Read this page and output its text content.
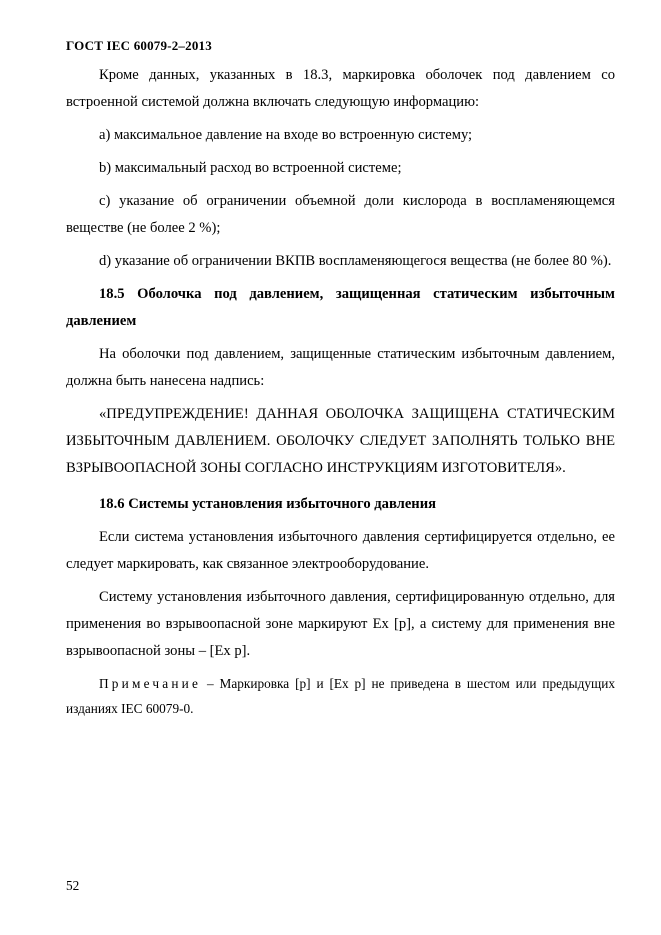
ГОСТ IEC 60079-2–2013

Кроме данных, указанных в 18.3, маркировка оболочек под давлением со встроенной системой должна включать следующую информацию:

a) максимальное давление на входе во встроенную систему;

b) максимальный расход во встроенной системе;

c) указание об ограничении объемной доли кислорода в воспламеняющемся веществе (не более 2 %);

d) указание об ограничении ВКПВ воспламеняющегося вещества (не более 80 %).

18.5 Оболочка под давлением, защищенная статическим избыточным давлением

На оболочки под давлением, защищенные статическим избыточным давлением, должна быть нанесена надпись:

«ПРЕДУПРЕЖДЕНИЕ! ДАННАЯ ОБОЛОЧКА ЗАЩИЩЕНА СТАТИЧЕСКИМ ИЗБЫТОЧНЫМ ДАВЛЕНИЕМ. ОБОЛОЧКУ СЛЕДУЕТ ЗАПОЛНЯТЬ ТОЛЬКО ВНЕ ВЗРЫВООПАСНОЙ ЗОНЫ СОГЛАСНО ИНСТРУКЦИЯМ ИЗГОТОВИТЕЛЯ».

18.6 Системы установления избыточного давления

Если система установления избыточного давления сертифицируется отдельно, ее следует маркировать, как связанное электрооборудование.

Систему установления избыточного давления, сертифицированную отдельно, для применения во взрывоопасной зоне маркируют Ex [p], а систему для применения вне взрывоопасной зоны – [Ex p].

Примечание – Маркировка [p] и [Ex p] не приведена в шестом или предыдущих изданиях IEC 60079-0.

52
